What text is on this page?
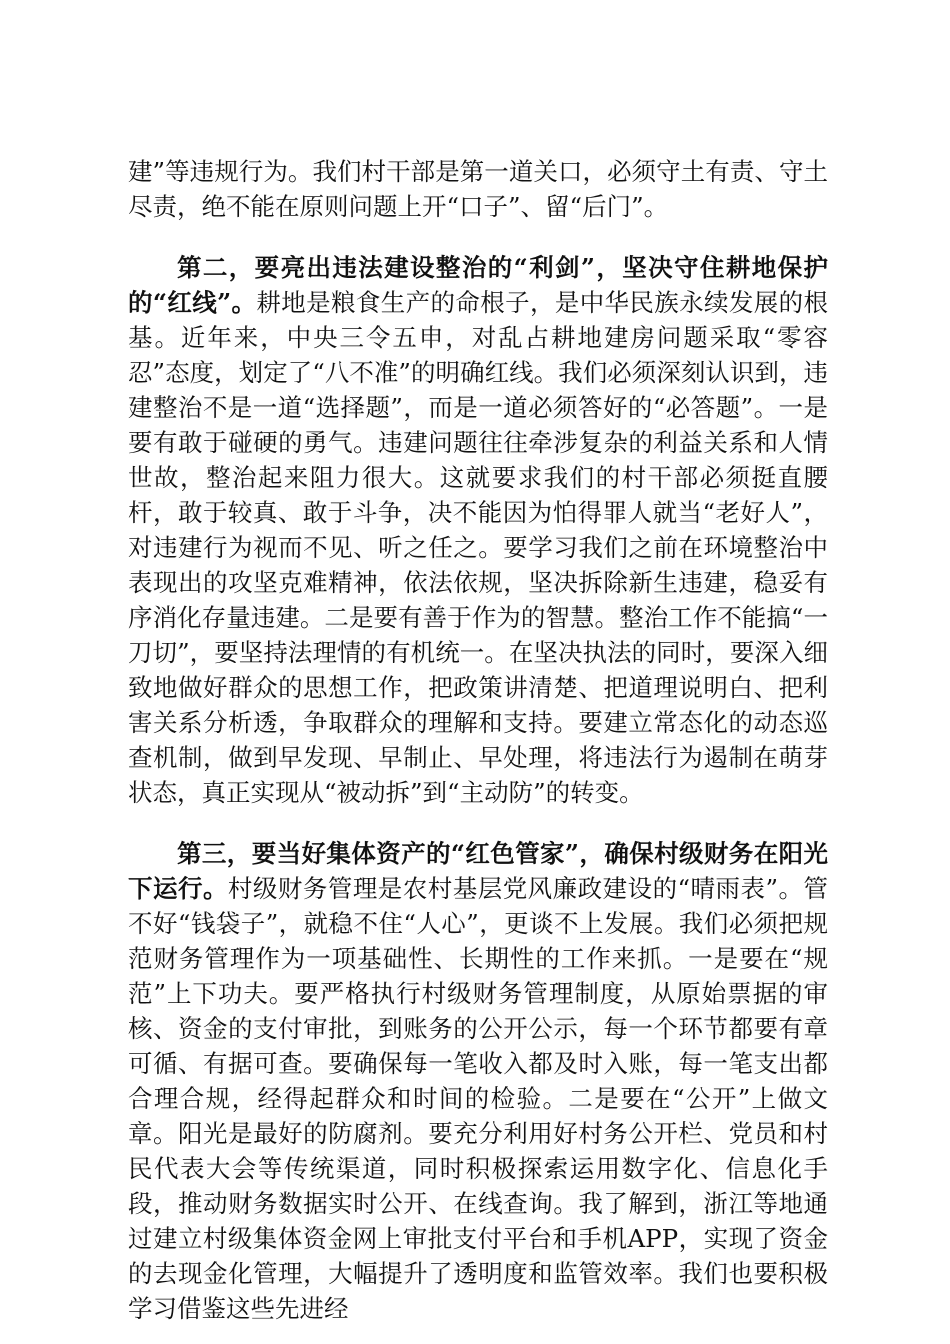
建”等违规行为。我们村干部是第一道关口，必须守土有责、守土尽责，绝不能在原则问题上开“口子”、留“后门”。

第二，要亮出违法建设整治的“利剑”，坚决守住耕地保护的“红线”。耕地是粮食生产的命根子，是中华民族永续发展的根基。近年来，中央三令五申，对乱占耕地建房问题采取“零容忍”态度，划定了“八不准”的明确红线。我们必须深刻认识到，违建整治不是一道“选择题”，而是一道必须答好的“必答题”。一是要有敢于碰硬的勇气。违建问题往往牵涉复杂的利益关系和人情世故，整治起来阻力很大。这就要求我们的村干部必须挺直腰杆，敢于较真、敢于斗争，决不能因为怕得罪人就当“老好人”，对违建行为视而不见、听之任之。要学习我们之前在环境整治中表现出的攻坚克难精神，依法依规，坚决拆除新生违建，稳妥有序消化存量违建。二是要有善于作为的智慧。整治工作不能搞“一刀切”，要坚持法理情的有机统一。在坚决执法的同时，要深入细致地做好群众的思想工作，把政策讲清楚、把道理说明白、把利害关系分析透，争取群众的理解和支持。要建立常态化的动态巡查机制，做到早发现、早制止、早处理，将违法行为遏制在萌芽状态，真正实现从“被动拆”到“主动防”的转变。

第三，要当好集体资产的“红色管家”，确保村级财务在阳光下运行。村级财务管理是农村基层党风廉政建设的“晴雨表”。管不好“钱袋子”，就稳不住“人心”，更谈不上发展。我们必须把规范财务管理作为一项基础性、长期性的工作来抓。一是要在“规范”上下功夫。要严格执行村级财务管理制度，从原始票据的审核、资金的支付审批，到账务的公开公示，每一个环节都要有章可循、有据可查。要确保每一笔收入都及时入账，每一笔支出都合理合规，经得起群众和时间的检验。二是要在“公开”上做文章。阳光是最好的防腐剂。要充分利用好村务公开栏、党员和村民代表大会等传统渠道，同时积极探索运用数字化、信息化手段，推动财务数据实时公开、在线查询。我了解到，浙江等地通过建立村级集体资金网上审批支付平台和手机APP，实现了资金的去现金化管理，大幅提升了透明度和监管效率。我们也要积极学习借鉴这些先进经
